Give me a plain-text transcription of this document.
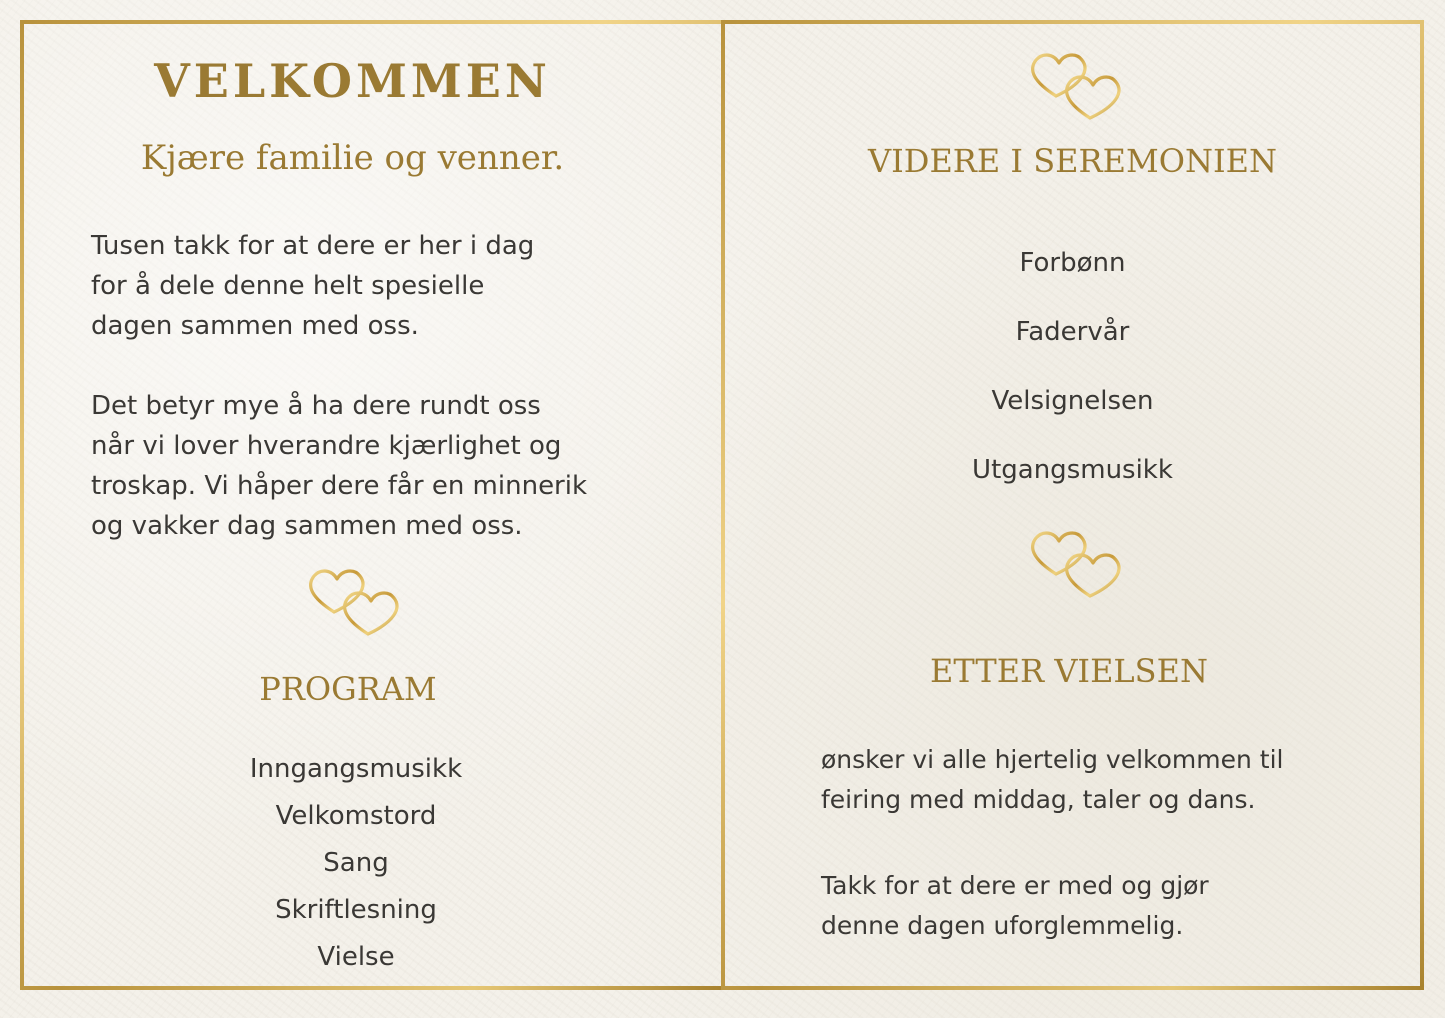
VELKOMMEN
Kjære familie og venner.
Tusen takk for at dere er her i dag
for å dele denne helt spesielle
dagen sammen med oss.
Det betyr mye å ha dere rundt oss
når vi lover hverandre kjærlighet og
troskap. Vi håper dere får en minnerik
og vakker dag sammen med oss.
PROGRAM
Inngangsmusikk
Velkomstord
Sang
Skriftlesning
Vielse
VIDERE I SEREMONIEN
Forbønn
Fadervår
Velsignelsen
Utgangsmusikk
ETTER VIELSEN
ønsker vi alle hjertelig velkommen til
feiring med middag, taler og dans.
Takk for at dere er med og gjør
denne dagen uforglemmelig.
